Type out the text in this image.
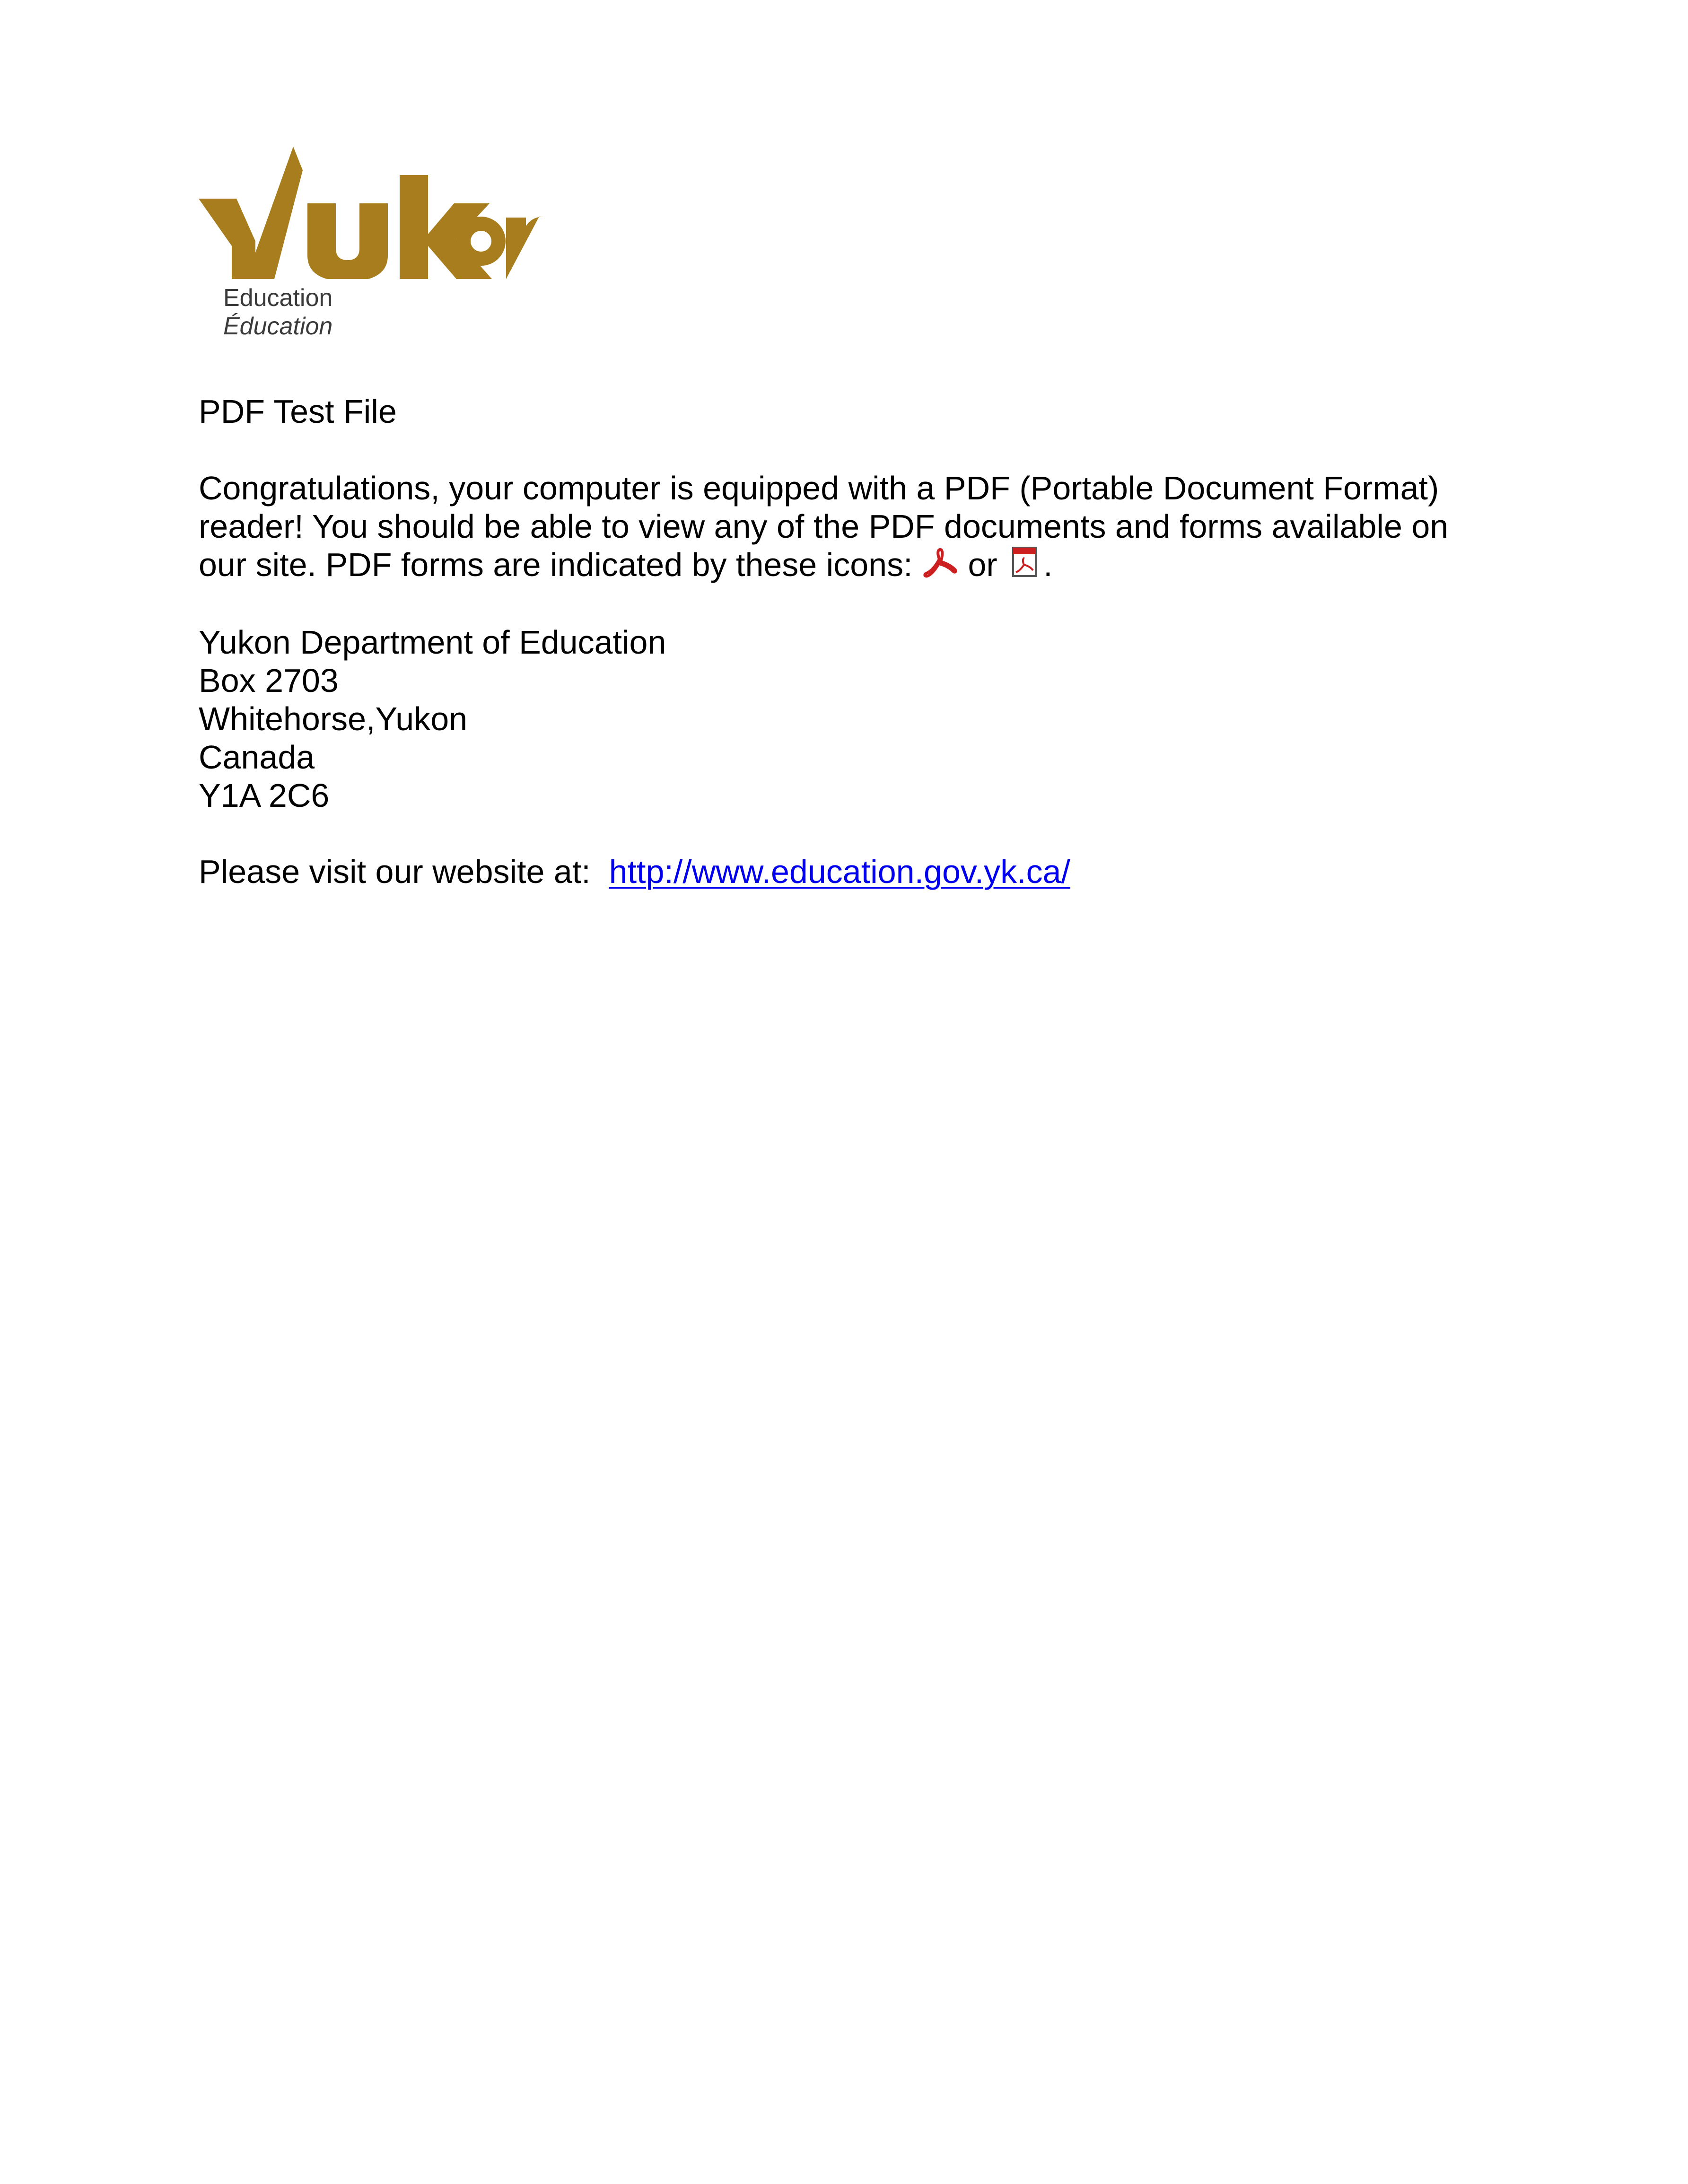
Education
Éducation
PDF Test File
Congratulations, your computer is equipped with a PDF (Portable Document Format)
reader! You should be able to view any of the PDF documents and forms available on
our site. PDF forms are indicated by these icons: or .
Yukon Department of Education
Box 2703
Whitehorse,Yukon
Canada
Y1A 2C6
Please visit our website at: http://www.education.gov.yk.ca/
